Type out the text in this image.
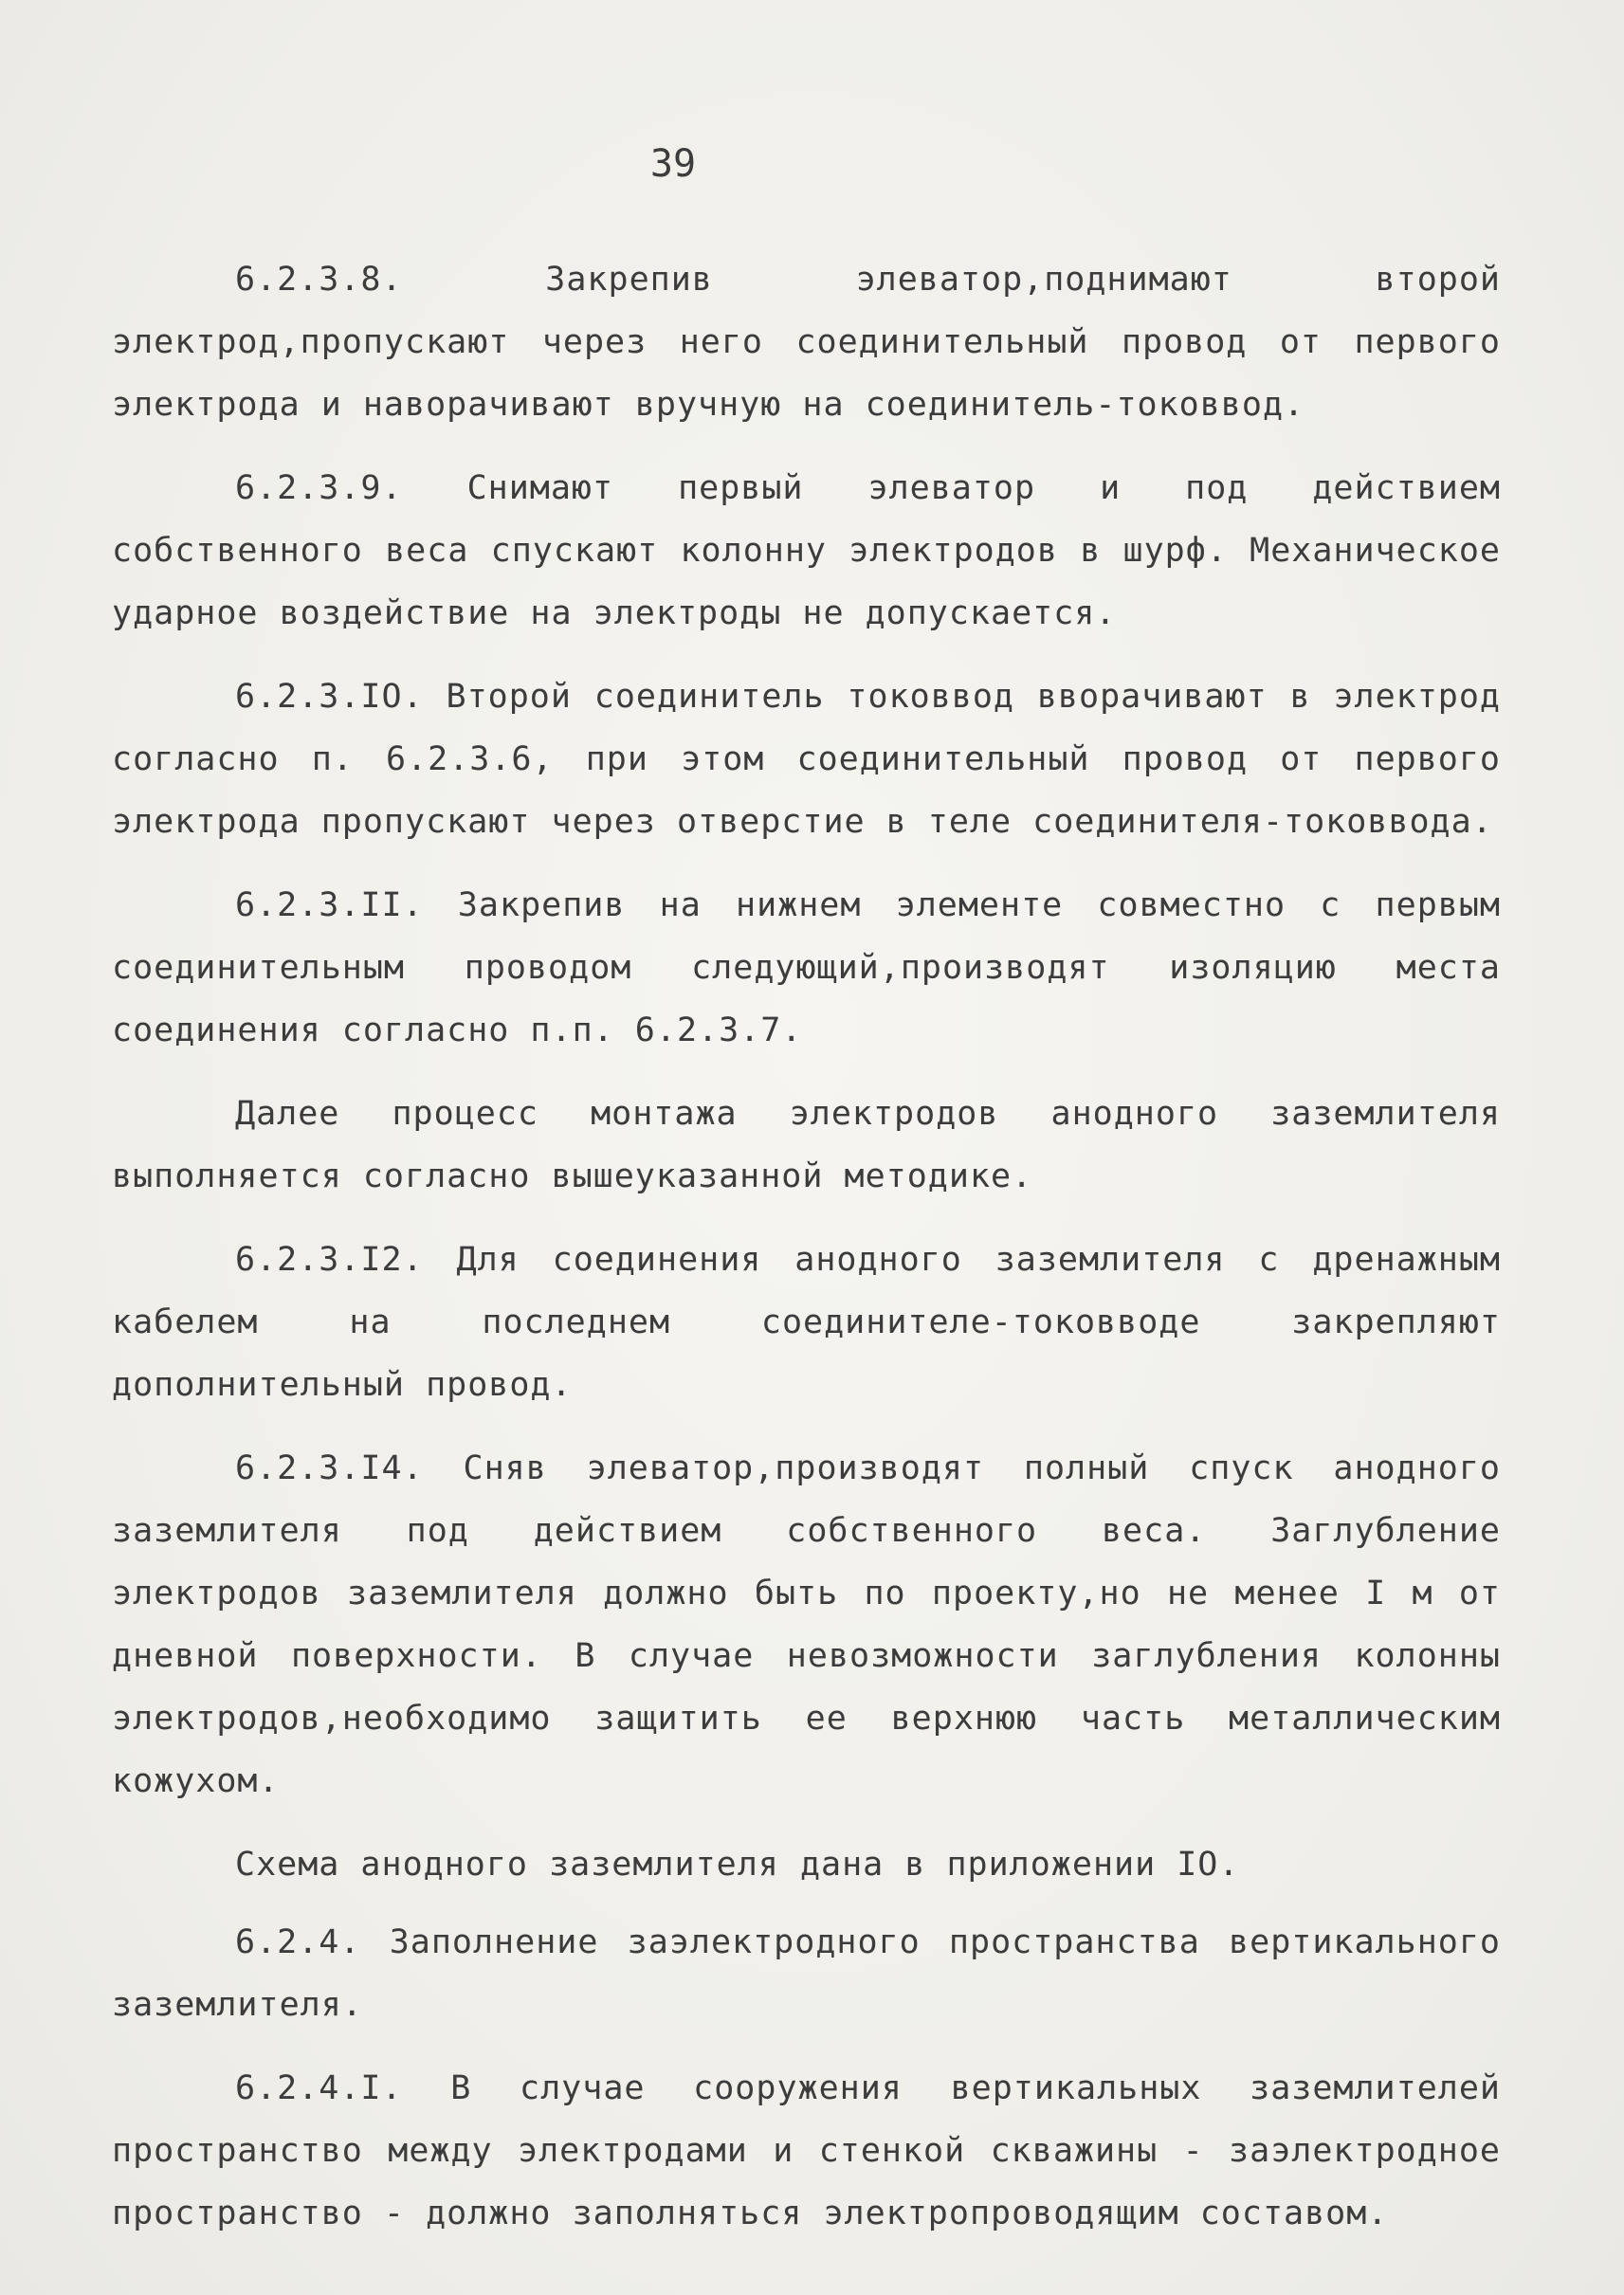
39

6.2.3.8. Закрепив элеватор,поднимают второй электрод,пропускают через него соединительный провод от первого электрода и наворачивают вручную на соединитель-токоввод.

6.2.3.9. Снимают первый элеватор и под действием собственного веса спускают колонну электродов в шурф. Механическое ударное воздействие на электроды не допускается.

6.2.3.IO. Второй соединитель токоввод вворачивают в электрод согласно п. 6.2.3.6, при этом соединительный провод от первого электрода пропускают через отверстие в теле соединителя-токоввода.

6.2.3.II. Закрепив на нижнем элементе совместно с первым соединительным проводом следующий,производят изоляцию места соединения согласно п.п. 6.2.3.7.

Далее процесс монтажа электродов анодного заземлителя выполняется согласно вышеуказанной методике.

6.2.3.I2. Для соединения анодного заземлителя с дренажным кабелем на последнем соединителе-токовводе закрепляют дополнительный провод.

6.2.3.I4. Сняв элеватор,производят полный спуск анодного заземлителя под действием собственного веса. Заглубление электродов заземлителя должно быть по проекту,но не менее I м от дневной поверхности. В случае невозможности заглубления колонны электродов,необходимо защитить ее верхнюю часть металлическим кожухом.

Схема анодного заземлителя дана в приложении IO.

6.2.4. Заполнение заэлектродного пространства вертикального заземлителя.

6.2.4.I. В случае сооружения вертикальных заземлителей пространство между электродами и стенкой скважины - заэлектродное пространство - должно заполняться электропроводящим составом.
